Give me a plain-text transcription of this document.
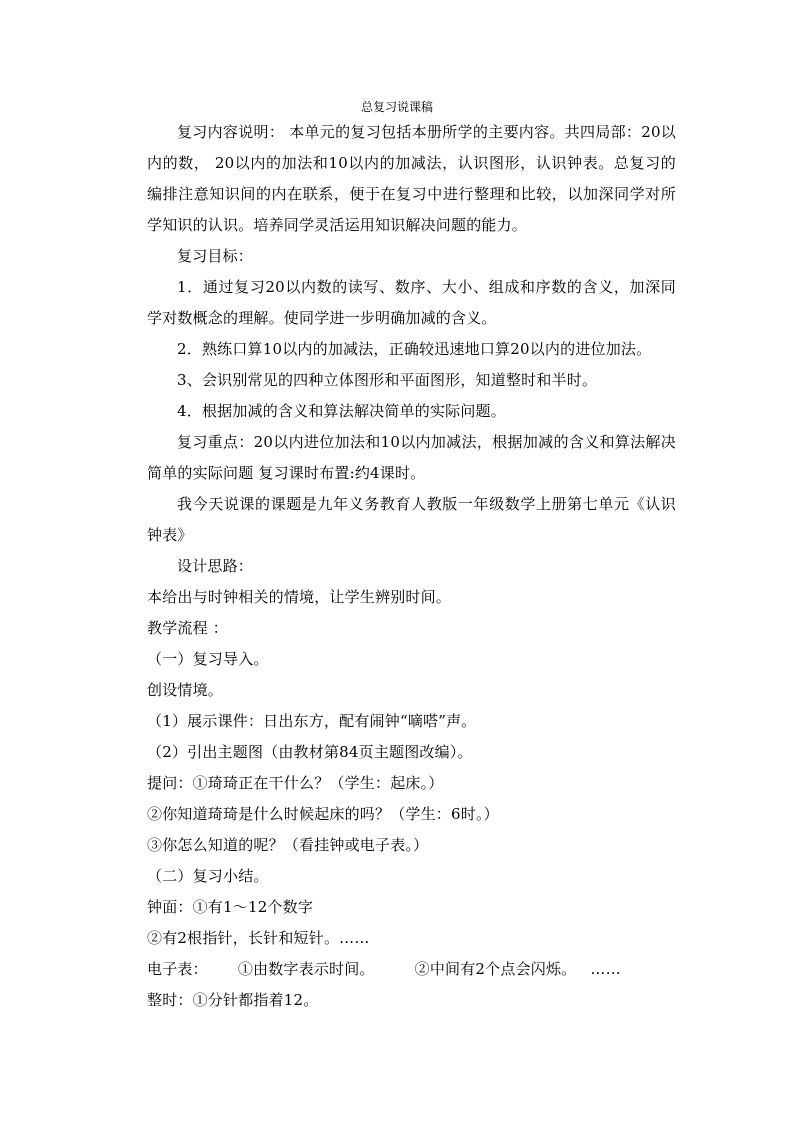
总复习说课稿

复习内容说明： 本单元的复习包括本册所学的主要内容。共四局部：20以内的数， 20以内的加法和10以内的加减法，认识图形，认识钟表。总复习的编排注意知识间的内在联系，便于在复习中进行整理和比较，以加深同学对所学知识的认识。培养同学灵活运用知识解决问题的能力。

复习目标：

1．通过复习20以内数的读写、数序、大小、组成和序数的含义，加深同学对数概念的理解。使同学进一步明确加减的含义。

2．熟练口算10以内的加减法，正确较迅速地口算20以内的进位加法。

3、会识别常见的四种立体图形和平面图形，知道整时和半时。

4．根据加减的含义和算法解决简单的实际问题。

复习重点：20以内进位加法和10以内加减法，根据加减的含义和算法解决简单的实际问题 复习课时布置:约4课时。

我今天说课的课题是九年义务教育人教版一年级数学上册第七单元《认识钟表》

设计思路：

本给出与时钟相关的情境，让学生辨别时间。

教学流程 ：

（一）复习导入。

创设情境。

（1）展示课件：日出东方，配有闹钟“嘀嗒”声。

（2）引出主题图（由教材第84页主题图改编）。

提问：①琦琦正在干什么？（学生：起床。）

②你知道琦琦是什么时候起床的吗？（学生：6时。）

③你怎么知道的呢？（看挂钟或电子表。）

（二）复习小结。

钟面：①有1～12个数字

②有2根指针，长针和短针。……

电子表： ①由数字表示时间。	②中间有2个点会闪烁。 ……

整时：①分针都指着12。
